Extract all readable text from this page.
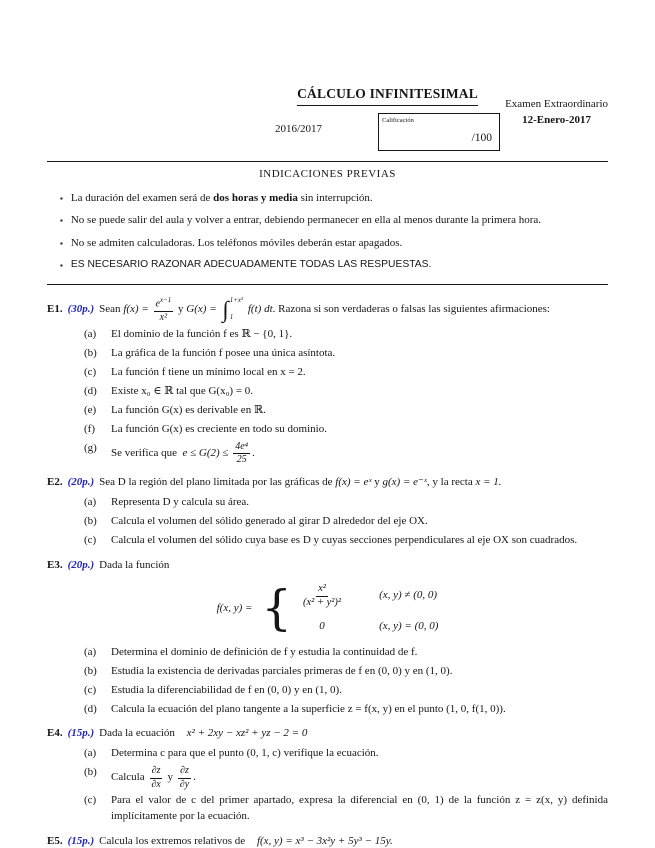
CÁLCULO INFINITESIMAL
2016/2017
Calificación
/100
Examen Extraordinario
12-Enero-2017
INDICACIONES PREVIAS
▪ La duración del examen será de dos horas y media sin interrupción.
▪ No se puede salir del aula y volver a entrar, debiendo permanecer en ella al menos durante la primera hora.
▪ No se admiten calculadoras. Los teléfonos móviles deberán estar apagados.
▪ ES NECESARIO RAZONAR ADECUADAMENTE TODAS LAS RESPUESTAS.

E1. (30p.) Sean $f(x) = \frac{e^{x-1}}{\text{x²}}$ y G(x) = ∫ 1+x²
1
f(t) dt. Razona si son verdaderas o falsas las siguientes afirmaciones:

(a)	El dominio de la función f es ℝ − {0, 1}.
(b)	La gráfica de la función f posee una única asíntota.
(c)	La función f tiene un mínimo local en x = 2.
(d)	Existe x₀ ∈ ℝ tal que G(x₀) = 0.
(e)	La función G(x) es derivable en ℝ.
(f)	La función G(x) es creciente en todo su dominio.
(g)	Se verifica que $e \le G(2) \le \frac{\text{4e⁴}}{25}$ .

E2. (20p.) Sea D la región del plano limitada por las gráficas de f(x) = eˣ y g(x) = e⁻ˣ, y la recta x = 1.

(a)	Representa D y calcula su área.
(b)	Calcula el volumen del sólido generado al girar D alrededor del eje OX.
(c)	Calcula el volumen del sólido cuya base es D y cuyas secciones perpendiculares al eje OX son cuadrados.

E3. (20p.) Dada la función

f(x, y) = { $\frac{\text{x²}}{\text{(x² + y²)²}}$	(x, y) ≠ (0, 0)
0	(x, y) = (0, 0)
(a)	Determina el dominio de definición de f y estudia la continuidad de f.
(b)	Estudia la existencia de derivadas parciales primeras de f en (0, 0) y en (1, 0).
(c)	Estudia la diferenciabilidad de f en (0, 0) y en (1, 0).
(d)	Calcula la ecuación del plano tangente a la superficie z = f(x, y) en el punto (1, 0, f(1, 0)).

E4. (15p.) Dada la ecuación x² + 2xy − xz² + yz − 2 = 0

(a)	Determina c para que el punto (0, 1, c) verifique la ecuación.
(b)	Calcula $\frac{\partial z}{\partial x}$ y $\frac{\partial z}{\partial y}$ .
(c)	Para el valor de c del primer apartado, expresa la diferencial en (0, 1) de la función z = z(x, y) definida implícitamente por la ecuación.

E5. (15p.) Calcula los extremos relativos de f(x, y) = x³ − 3x²y + 5y³ − 15y.
